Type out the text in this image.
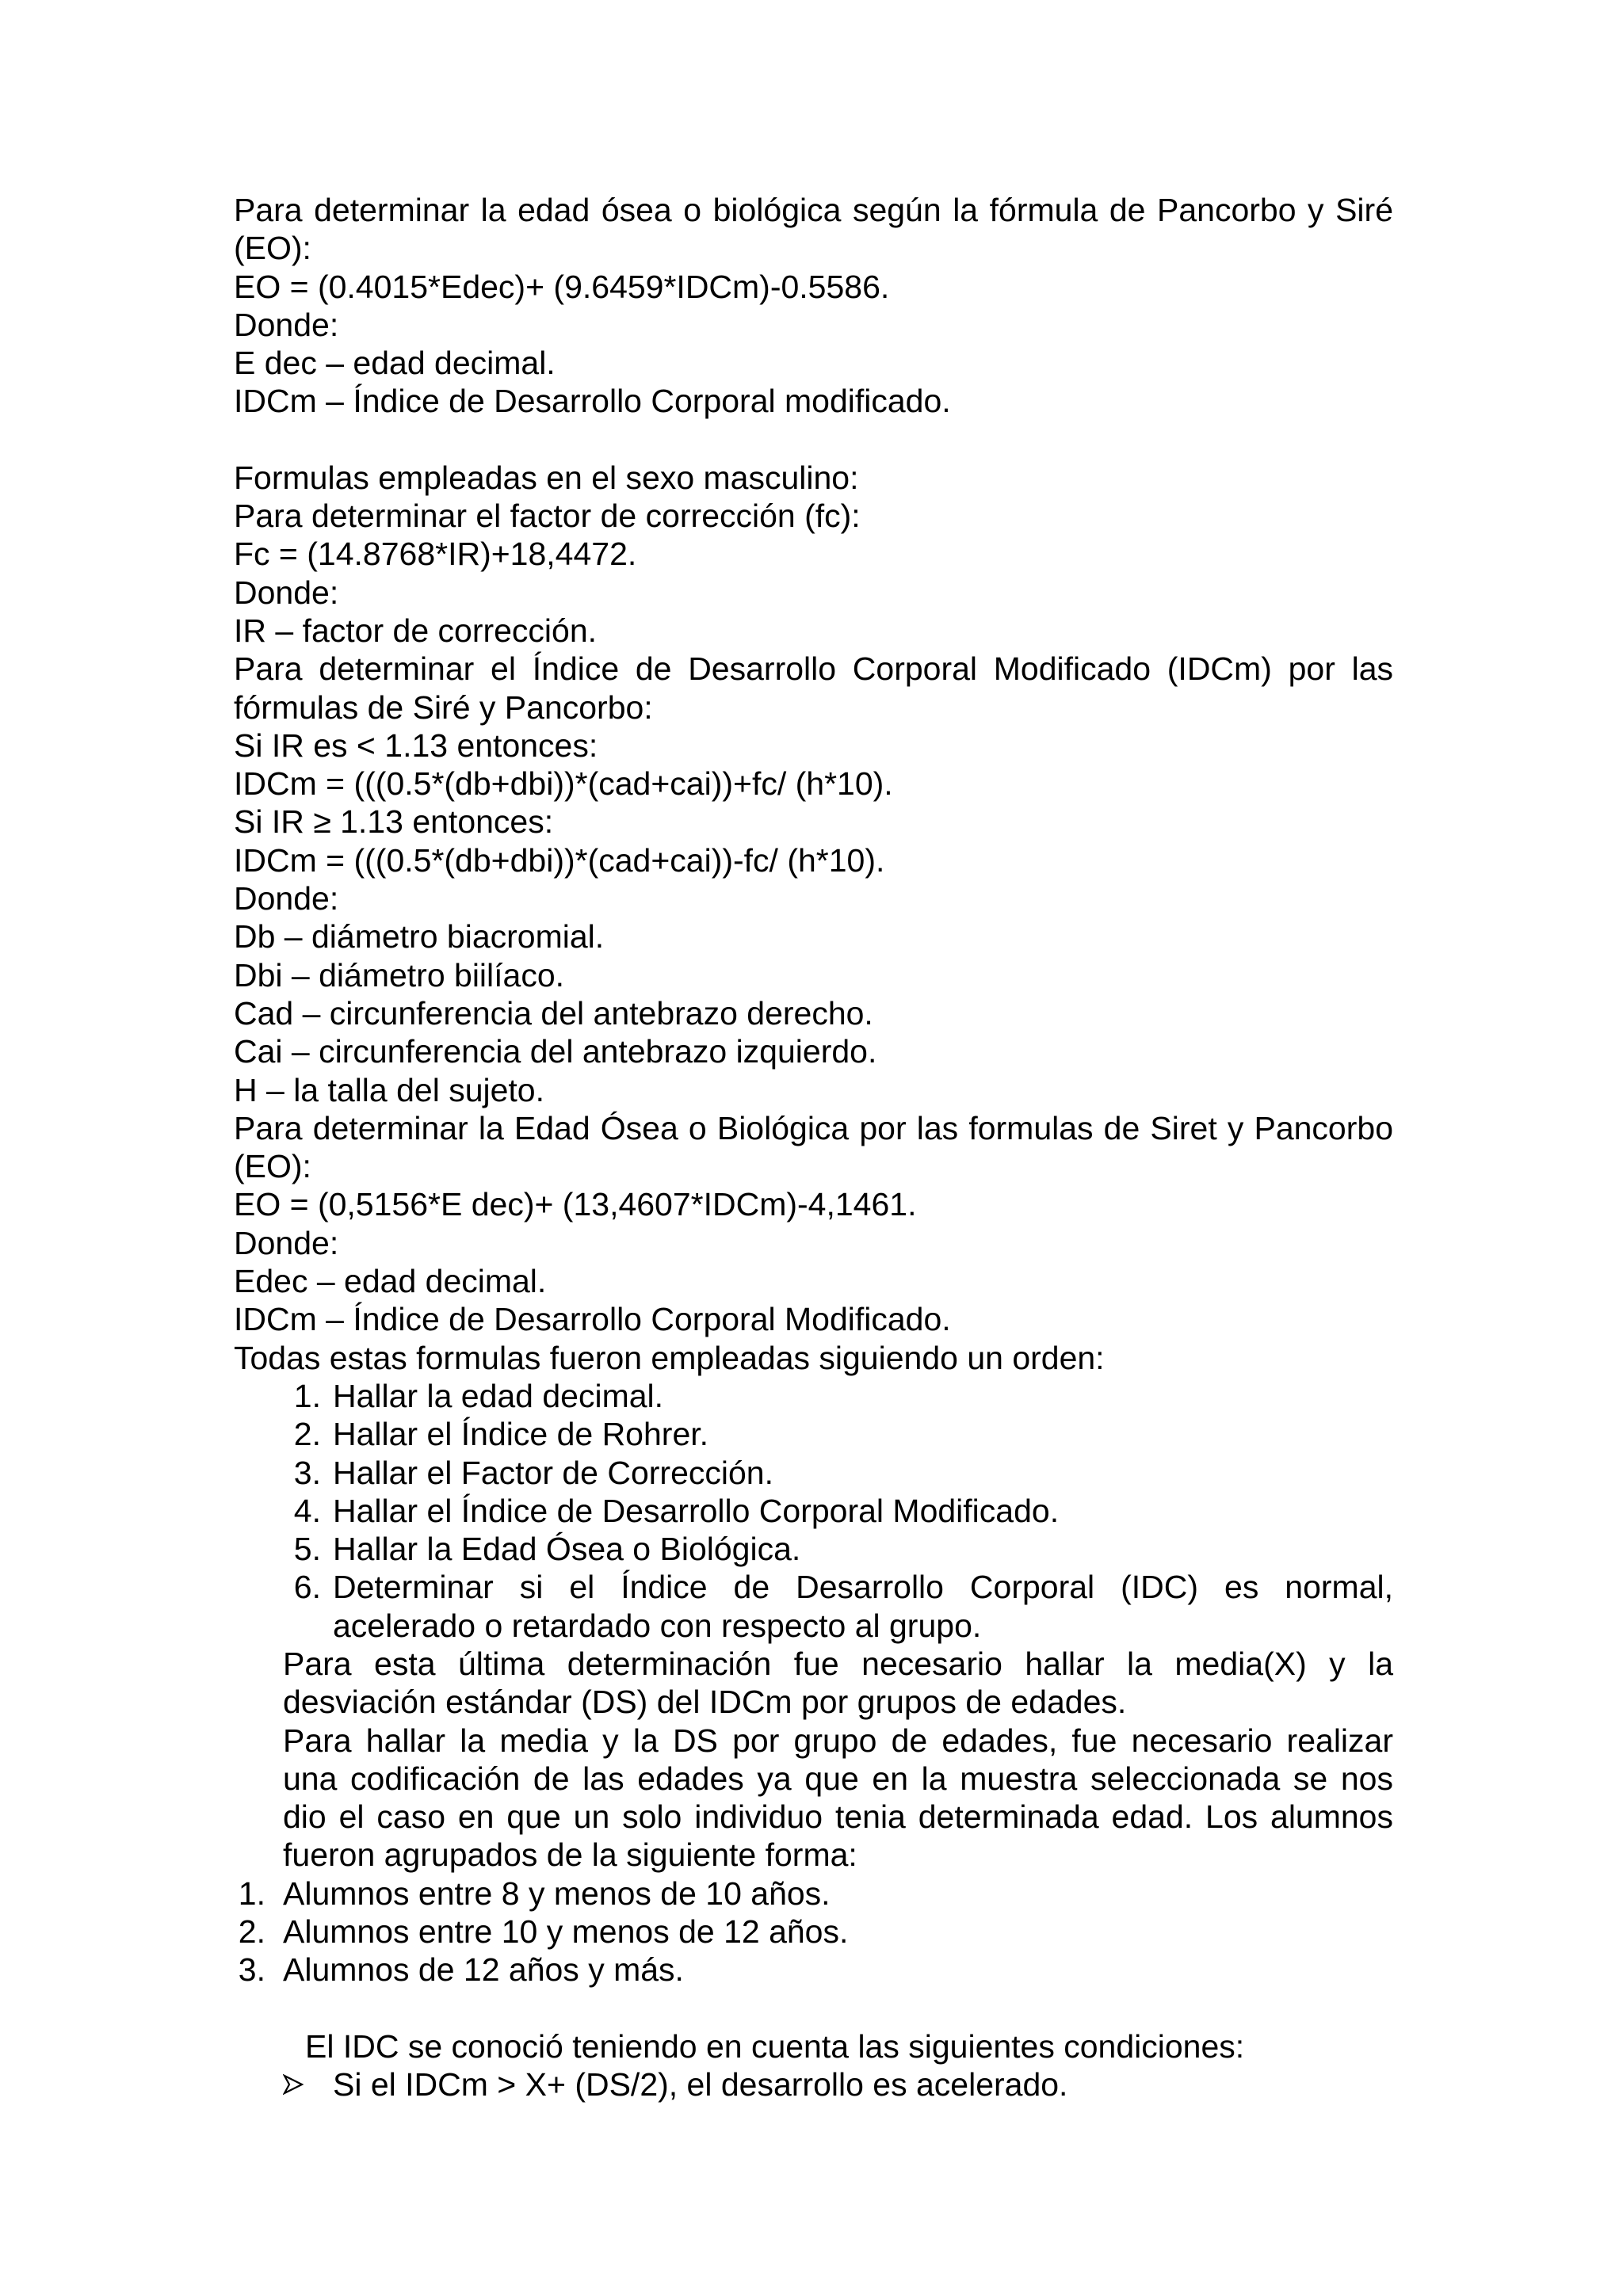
Para determinar la edad ósea o biológica según la fórmula de Pancorbo y Siré
(EO):
EO = (0.4015*Edec)+ (9.6459*IDCm)-0.5586.
Donde:
E dec – edad decimal.
IDCm – Índice de Desarrollo Corporal modificado.
Formulas empleadas en el sexo masculino:
Para determinar el factor de corrección (fc):
Fc = (14.8768*IR)+18,4472.
Donde:
IR – factor de corrección.
Para determinar el Índice de Desarrollo Corporal Modificado (IDCm) por las
fórmulas de Siré y Pancorbo:
Si IR es < 1.13 entonces:
IDCm = (((0.5*(db+dbi))*(cad+cai))+fc/ (h*10).
Si IR ≥ 1.13 entonces:
IDCm = (((0.5*(db+dbi))*(cad+cai))-fc/ (h*10).
Donde:
Db – diámetro biacromial.
Dbi – diámetro biilíaco.
Cad – circunferencia del antebrazo derecho.
Cai – circunferencia del antebrazo izquierdo.
H – la talla del sujeto.
Para determinar la Edad Ósea o Biológica por las formulas de Siret y Pancorbo
(EO):
EO = (0,5156*E dec)+ (13,4607*IDCm)-4,1461.
Donde:
Edec – edad decimal.
IDCm – Índice de Desarrollo Corporal Modificado.
Todas estas formulas fueron empleadas siguiendo un orden:
1. Hallar la edad decimal.
2. Hallar el Índice de Rohrer.
3. Hallar el Factor de Corrección.
4. Hallar el Índice de Desarrollo Corporal Modificado.
5. Hallar la Edad Ósea o Biológica.
6. Determinar si el Índice de Desarrollo Corporal (IDC) es normal,
acelerado o retardado con respecto al grupo.
Para esta última determinación fue necesario hallar la media(X) y la
desviación estándar (DS) del IDCm por grupos de edades.
Para hallar la media y la DS por grupo de edades, fue necesario realizar
una codificación de las edades ya que en la muestra seleccionada se nos
dio el caso en que un solo individuo tenia determinada edad. Los alumnos
fueron agrupados de la siguiente forma:
1. Alumnos entre 8 y menos de 10 años.
2. Alumnos entre 10 y menos de 12 años.
3. Alumnos de 12 años y más.
El IDC se conoció teniendo en cuenta las siguientes condiciones:
Si el IDCm > X+ (DS/2), el desarrollo es acelerado.
